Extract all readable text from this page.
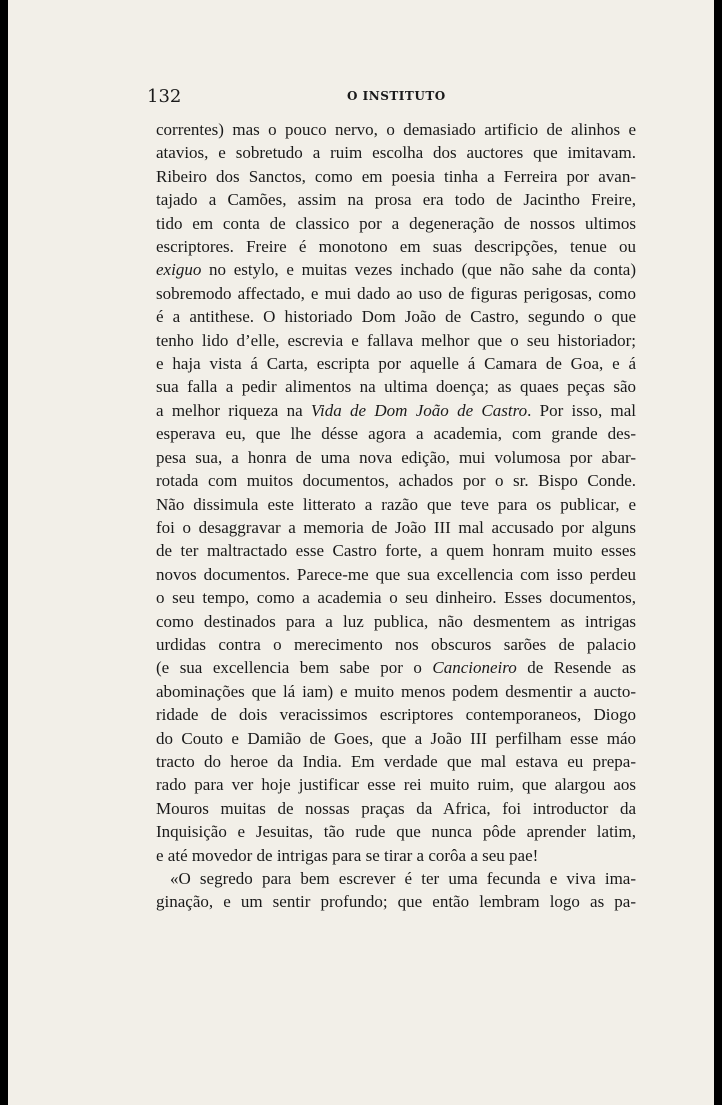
132	O INSTITUTO
correntes) mas o pouco nervo, o demasiado artificio de alinhos e
atavios, e sobretudo a ruim escolha dos auctores que imitavam.
Ribeiro dos Sanctos, como em poesia tinha a Ferreira por avan-
tajado a Camões, assim na prosa era todo de Jacintho Freire,
tido em conta de classico por a degeneração de nossos ultimos
escriptores. Freire é monotono em suas descripções, tenue ou
exiguo no estylo, e muitas vezes inchado (que não sahe da conta)
sobremodo affectado, e mui dado ao uso de figuras perigosas, como
é a antithese. O historiado Dom João de Castro, segundo o que
tenho lido d’elle, escrevia e fallava melhor que o seu historiador;
e haja vista á Carta, escripta por aquelle á Camara de Goa, e á
sua falla a pedir alimentos na ultima doença; as quaes peças são
a melhor riqueza na Vida de Dom João de Castro. Por isso, mal
esperava eu, que lhe désse agora a academia, com grande des-
pesa sua, a honra de uma nova edição, mui volumosa por abar-
rotada com muitos documentos, achados por o sr. Bispo Conde.
Não dissimula este litterato a razão que teve para os publicar, e
foi o desaggravar a memoria de João III mal accusado por alguns
de ter maltractado esse Castro forte, a quem honram muito esses
novos documentos. Parece-me que sua excellencia com isso perdeu
o seu tempo, como a academia o seu dinheiro. Esses documentos,
como destinados para a luz publica, não desmentem as intrigas
urdidas contra o merecimento nos obscuros sarões de palacio
(e sua excellencia bem sabe por o Cancioneiro de Resende as
abominações que lá iam) e muito menos podem desmentir a aucto-
ridade de dois veracissimos escriptores contemporaneos, Diogo
do Couto e Damião de Goes, que a João III perfilham esse máo
tracto do heroe da India. Em verdade que mal estava eu prepa-
rado para ver hoje justificar esse rei muito ruim, que alargou aos
Mouros muitas de nossas praças da Africa, foi introductor da
Inquisição e Jesuitas, tão rude que nunca pôde aprender latim,
e até movedor de intrigas para se tirar a corôa a seu pae!
«O segredo para bem escrever é ter uma fecunda e viva ima-
ginação, e um sentir profundo; que então lembram logo as pa-
